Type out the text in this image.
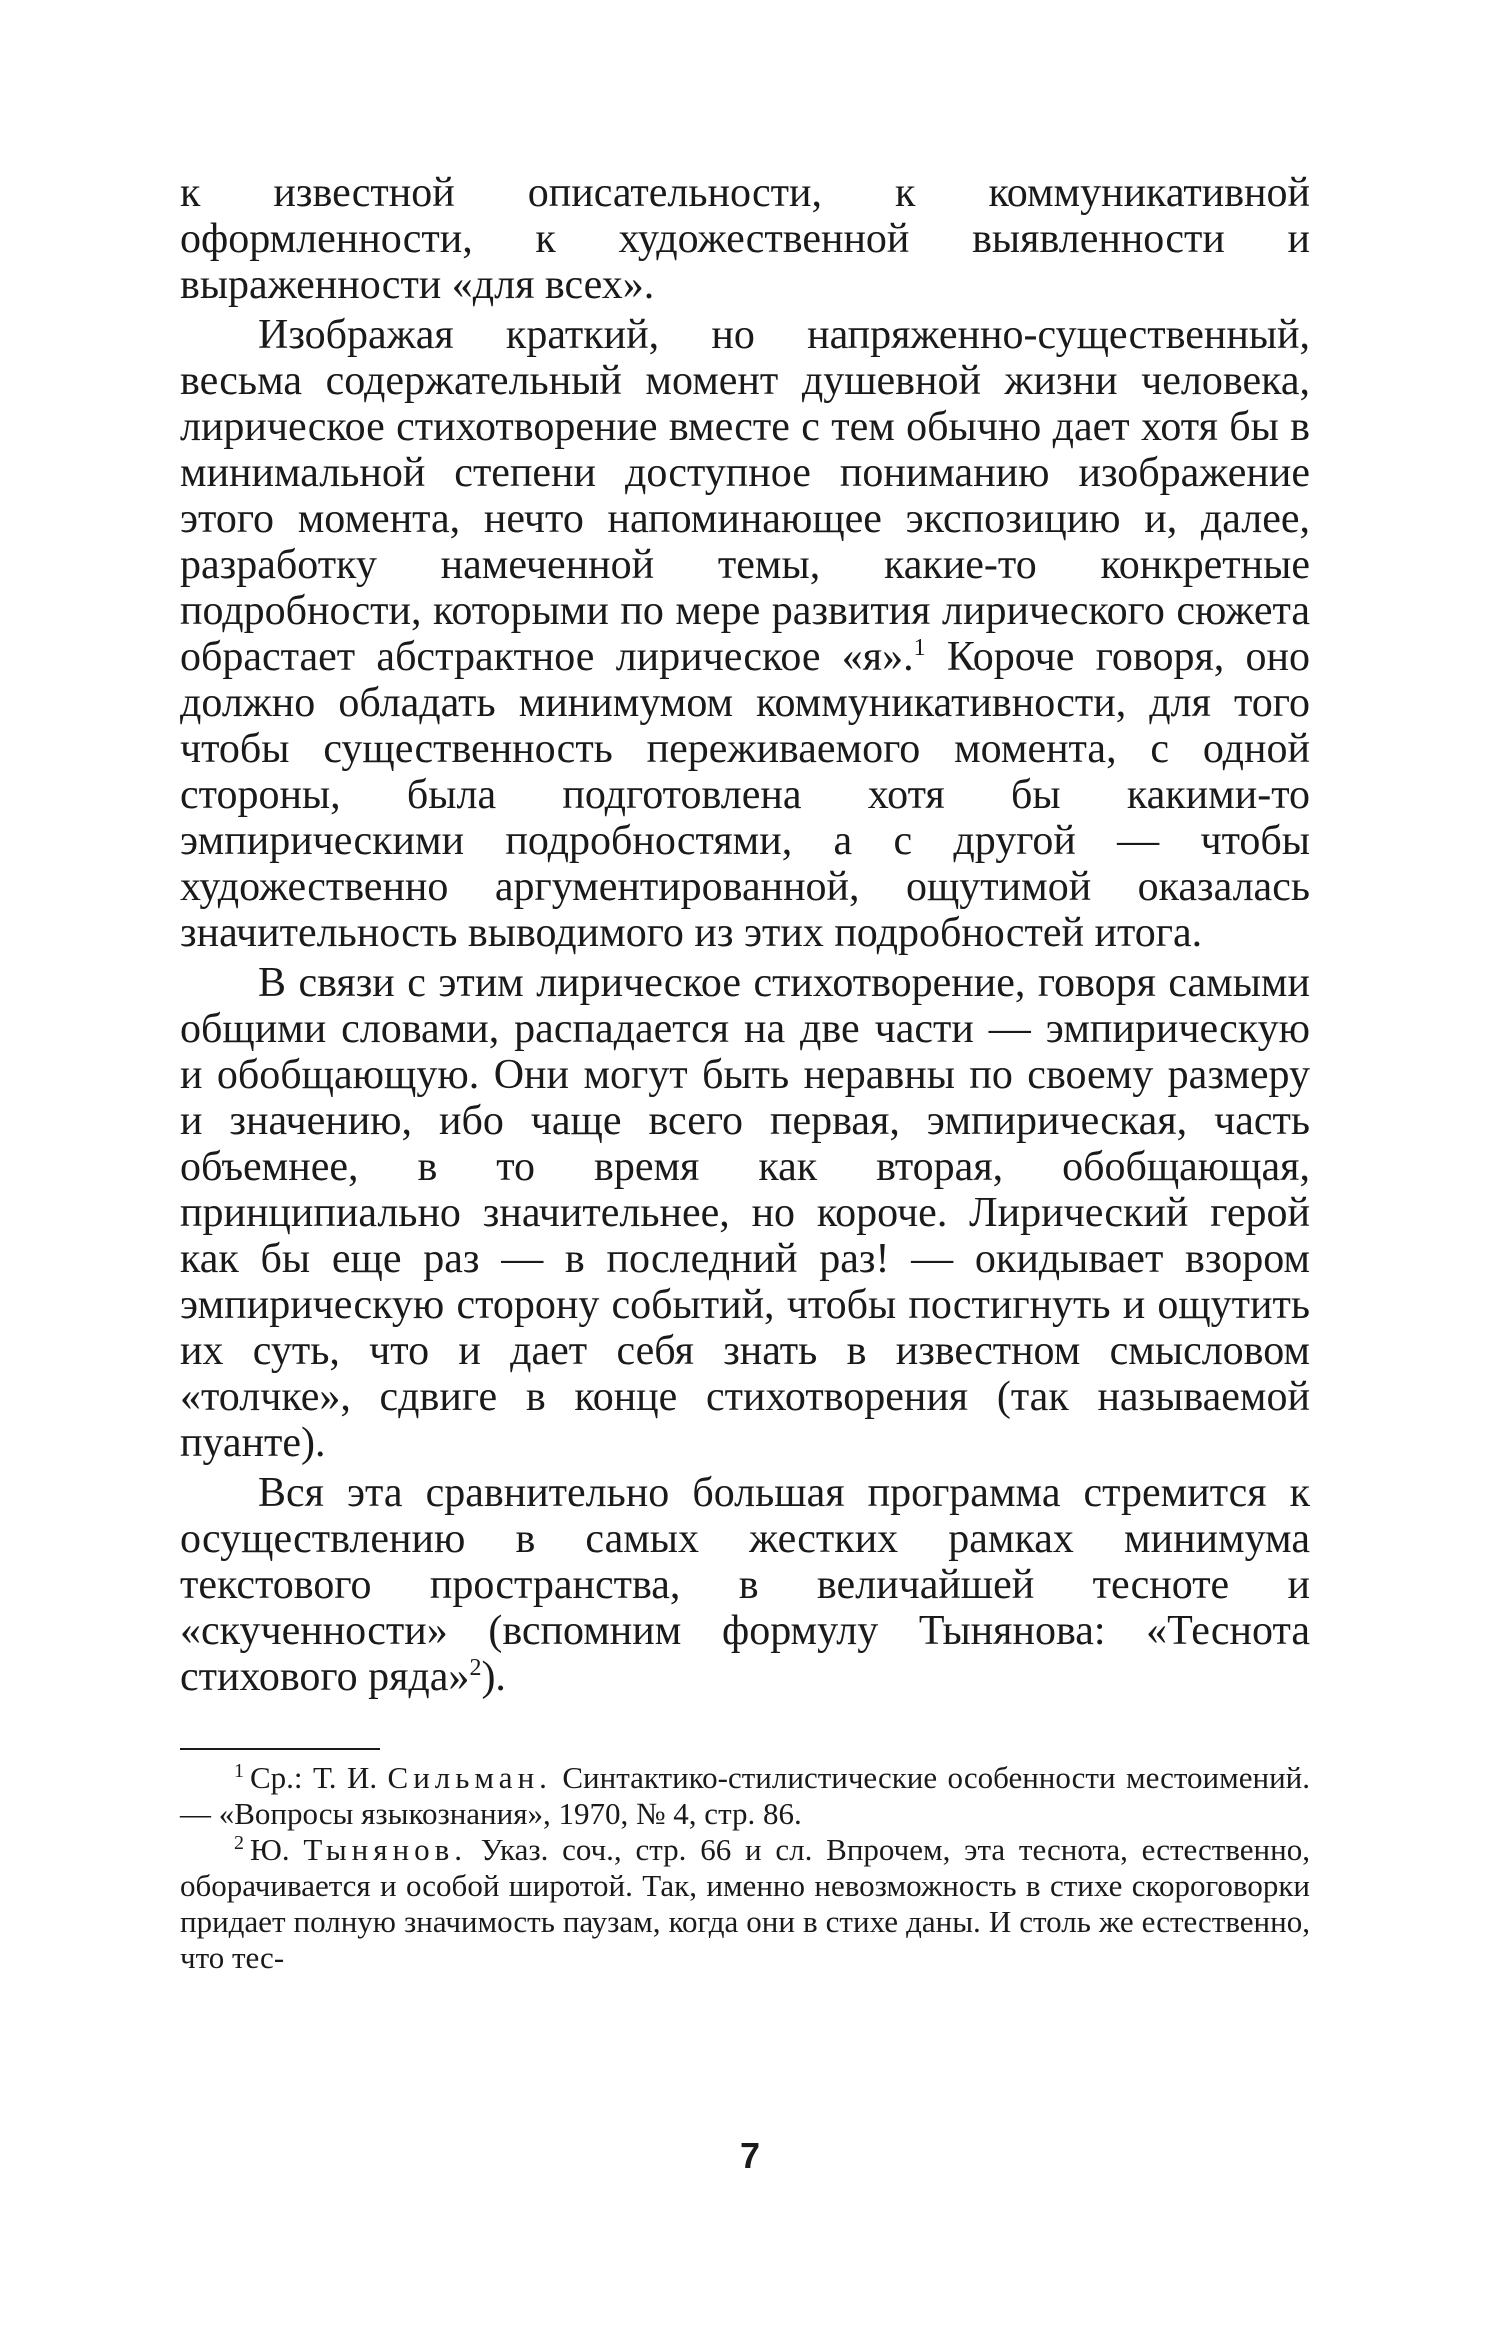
к известной описательности, к коммуникативной оформленности, к художественной выявленности и выраженности «для всех».

Изображая краткий, но напряженно-существенный, весьма содержательный момент душевной жизни человека, лирическое стихотворение вместе с тем обычно дает хотя бы в минимальной степени доступное пониманию изображение этого момента, нечто напоминающее экспозицию и, далее, разработку намеченной темы, какие-то конкретные подробности, которыми по мере развития лирического сюжета обрастает абстрактное лирическое «я».$^1$ Короче говоря, оно должно обладать минимумом коммуникативности, для того чтобы существенность переживаемого момента, с одной стороны, была подготовлена хотя бы какими-то эмпирическими подробностями, а с другой — чтобы художественно аргументированной, ощутимой оказалась значительность выводимого из этих подробностей итога.

В связи с этим лирическое стихотворение, говоря самыми общими словами, распадается на две части — эмпирическую и обобщающую. Они могут быть неравны по своему размеру и значению, ибо чаще всего первая, эмпирическая, часть объемнее, в то время как вторая, обобщающая, принципиально значительнее, но короче. Лирический герой как бы еще раз — в последний раз! — окидывает взором эмпирическую сторону событий, чтобы постигнуть и ощутить их суть, что и дает себя знать в известном смысловом «толчке», сдвиге в конце стихотворения (так называемой пуанте).

Вся эта сравнительно большая программа стремится к осуществлению в самых жестких рамках минимума текстового пространства, в величайшей тесноте и «скученности» (вспомним формулу Тынянова: «Теснота стихового ряда»$^2$).

$^1$ Ср.: Т. И. Сильман. Синтактико-стилистические особенности местоимений. — «Вопросы языкознания», 1970, № 4, стр. 86.

$^2$ Ю. Тынянов. Указ. соч., стр. 66 и сл. Впрочем, эта теснота, естественно, оборачивается и особой широтой. Так, именно невозможность в стихе скороговорки придает полную значимость паузам, когда они в стихе даны. И столь же естественно, что тес-

7
